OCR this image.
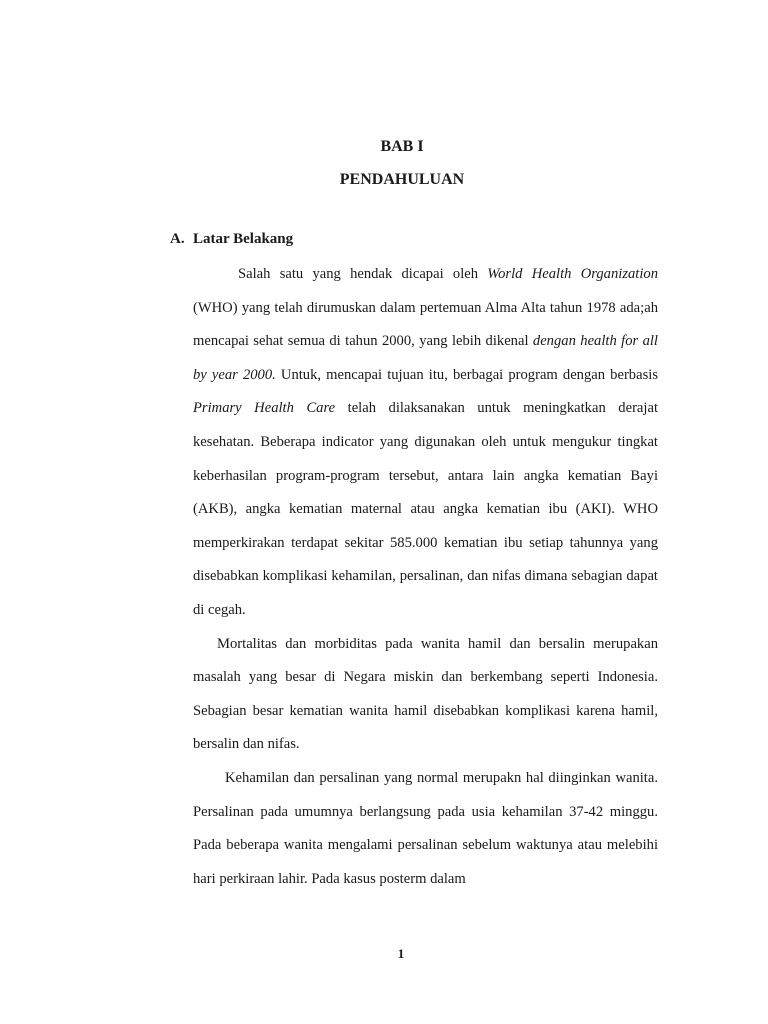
BAB I
PENDAHULUAN
A. Latar Belakang

Salah satu yang hendak dicapai oleh World Health Organization (WHO) yang telah dirumuskan dalam pertemuan Alma Alta tahun 1978 ada;ah mencapai sehat semua di tahun 2000, yang lebih dikenal dengan health for all by year 2000. Untuk, mencapai tujuan itu, berbagai program dengan berbasis Primary Health Care telah dilaksanakan untuk meningkatkan derajat kesehatan. Beberapa indicator yang digunakan oleh untuk mengukur tingkat keberhasilan program-program tersebut, antara lain angka kematian Bayi (AKB), angka kematian maternal atau angka kematian ibu (AKI). WHO memperkirakan terdapat sekitar 585.000 kematian ibu setiap tahunnya yang disebabkan komplikasi kehamilan, persalinan, dan nifas dimana sebagian dapat di cegah.

Mortalitas dan morbiditas pada wanita hamil dan bersalin merupakan masalah yang besar di Negara miskin dan berkembang seperti Indonesia. Sebagian besar kematian wanita hamil disebabkan komplikasi karena hamil, bersalin dan nifas.

Kehamilan dan persalinan yang normal merupakn hal diinginkan wanita. Persalinan pada umumnya berlangsung pada usia kehamilan 37-42 minggu. Pada beberapa wanita mengalami persalinan sebelum waktunya atau melebihi hari perkiraan lahir. Pada kasus posterm dalam

1
